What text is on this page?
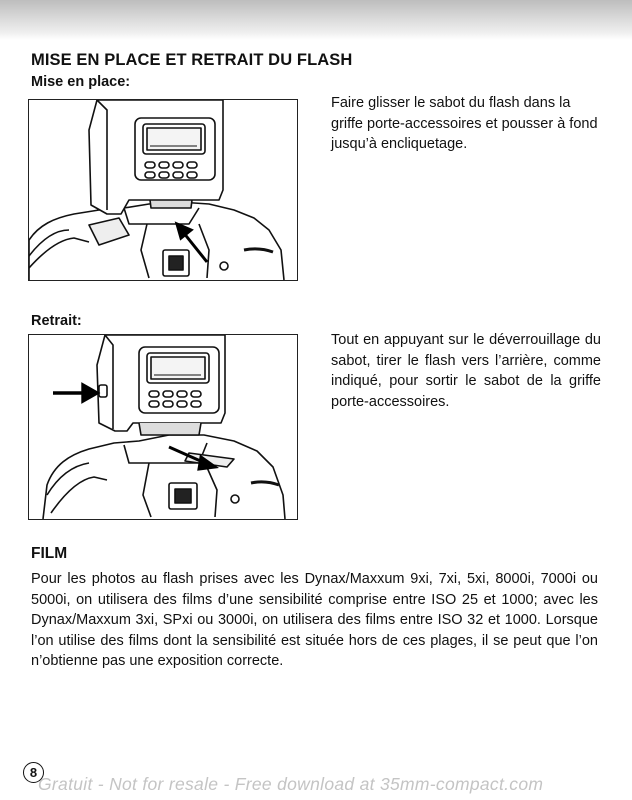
MISE EN PLACE ET RETRAIT DU FLASH
Mise en place:
Faire glisser le sabot du flash dans la griffe porte-accessoires et pousser à fond jusqu’à encliquetage.
Retrait:
Tout en appuyant sur le déverrouillage du sabot, tirer le flash vers l’arrière, comme indiqué, pour sortir le sabot de la griffe porte-accessoires.
FILM
Pour les photos au flash prises avec les Dynax/Maxxum 9xi, 7xi, 5xi, 8000i, 7000i ou 5000i, on utilisera des films d’une sensibilité comprise entre ISO 25 et 1000; avec les Dynax/Maxxum 3xi, SPxi ou 3000i, on utilisera des films entre ISO 32 et 1000. Lorsque l’on utilise des films dont la sensibilité est située hors de ces plages, il se peut que l’on n’obtienne pas une exposition correcte.
8
Gratuit - Not for resale - Free download at 35mm-compact.com
